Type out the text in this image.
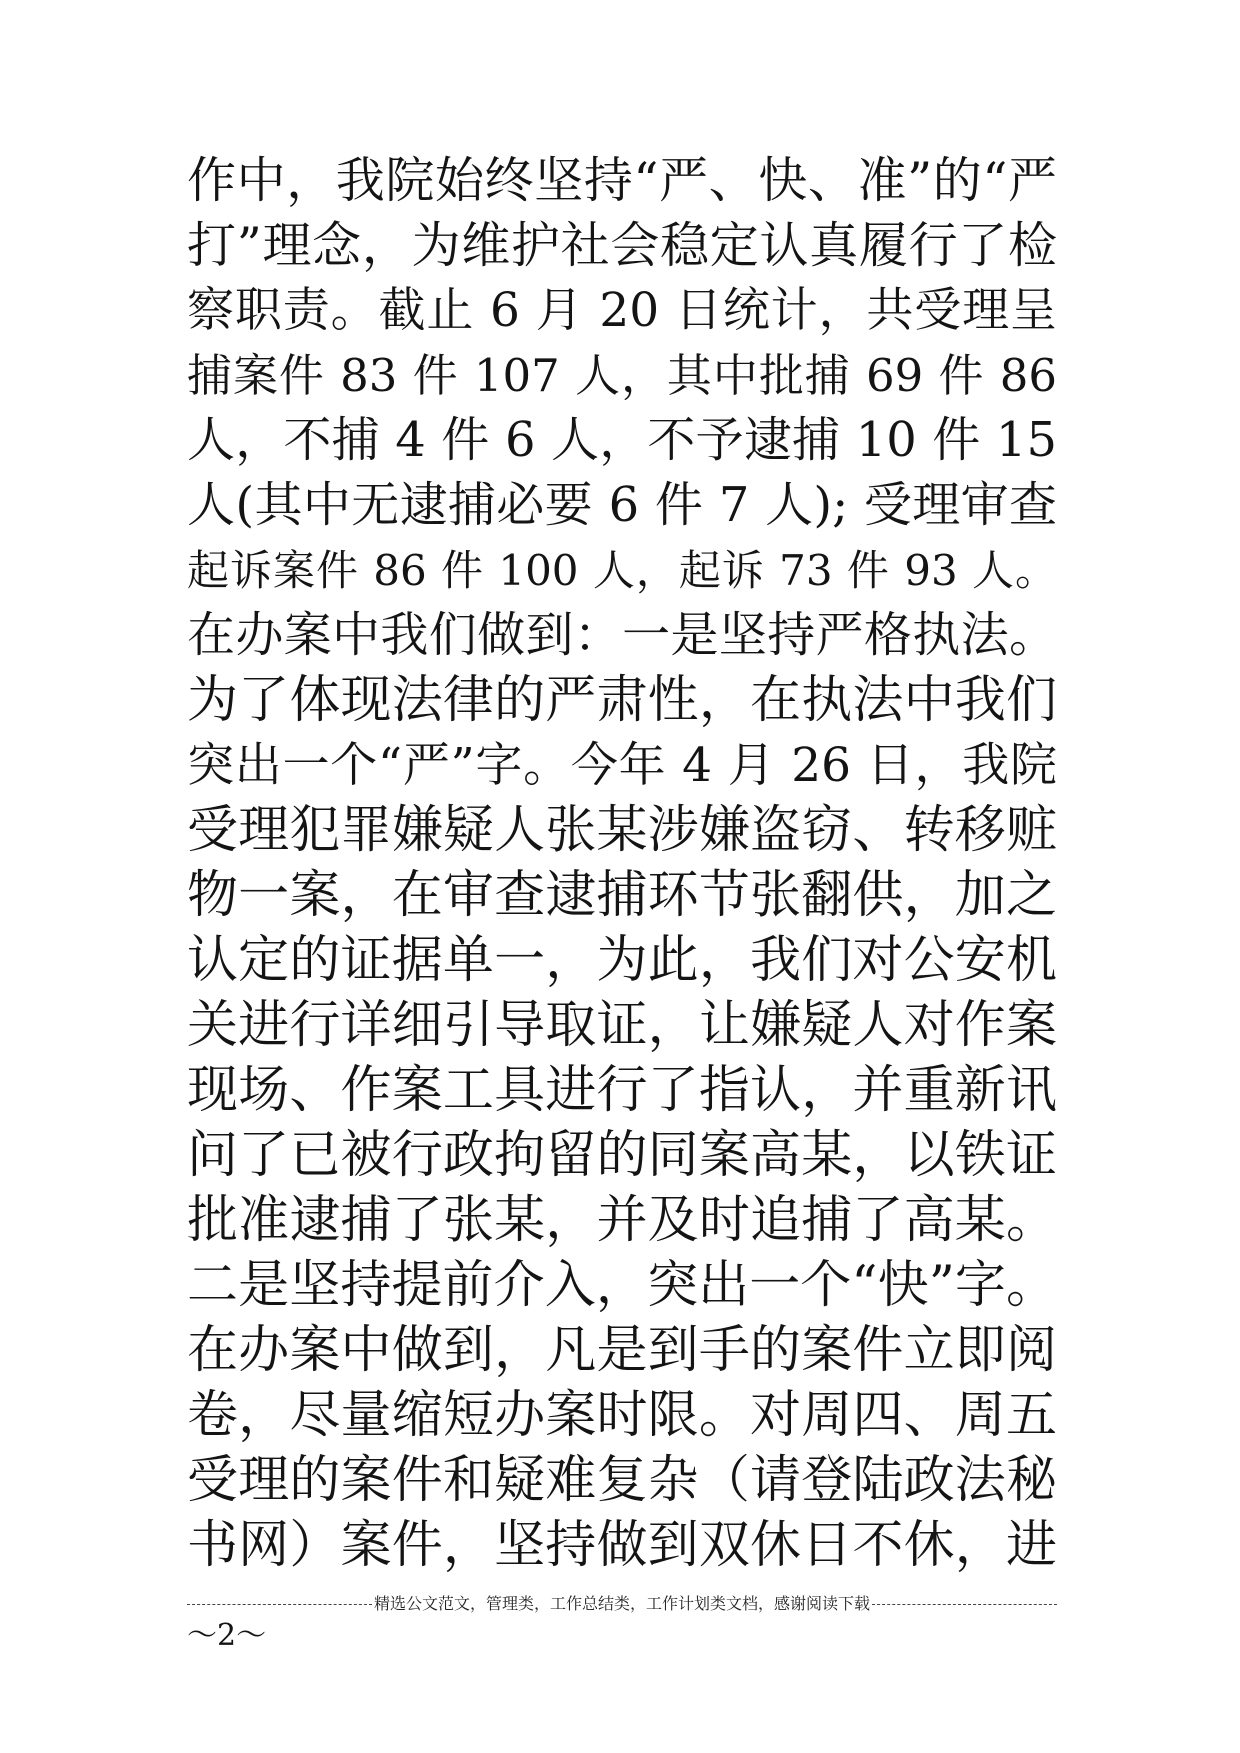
作中，我院始终坚持“严、快、准”的“严
打”理念，为维护社会稳定认真履行了检
察职责。截止 6 月 20 日统计，共受理呈
捕案件 83 件 107 人，其中批捕 69 件 86
人，不捕 4 件 6 人，不予逮捕 10 件 15
人(其中无逮捕必要 6 件 7 人); 受理审查
起诉案件 86 件 100 人，起诉 73 件 93 人。
在办案中我们做到：一是坚持严格执法。
为了体现法律的严肃性，在执法中我们
突出一个“严”字。今年 4 月 26 日，我院
受理犯罪嫌疑人张某涉嫌盗窃、转移赃
物一案，在审查逮捕环节张翻供，加之
认定的证据单一，为此，我们对公安机
关进行详细引导取证，让嫌疑人对作案
现场、作案工具进行了指认，并重新讯
问了已被行政拘留的同案高某，以铁证
批准逮捕了张某，并及时追捕了高某。
二是坚持提前介入，突出一个“快”字。
在办案中做到，凡是到手的案件立即阅
卷，尽量缩短办案时限。对周四、周五
受理的案件和疑难复杂（请登陆政法秘
书网）案件，坚持做到双休日不休，进
精选公文范文，管理类，工作总结类，工作计划类文档，感谢阅读下载
～2～
